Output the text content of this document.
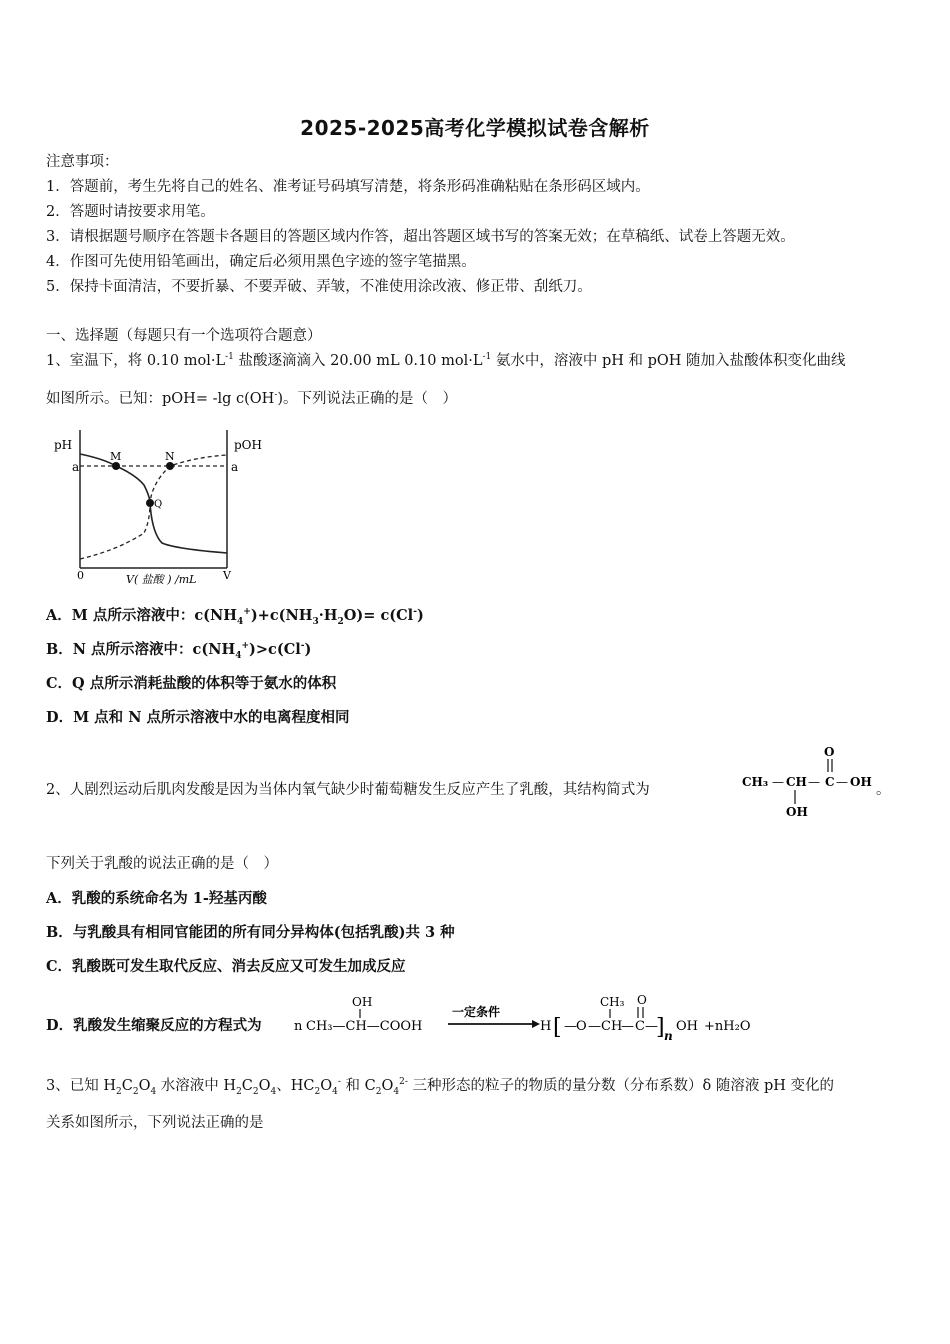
2025-2025高考化学模拟试卷含解析
注意事项：
1．答题前，考生先将自己的姓名、准考证号码填写清楚，将条形码准确粘贴在条形码区域内。
2．答题时请按要求用笔。
3．请根据题号顺序在答题卡各题目的答题区域内作答，超出答题区域书写的答案无效；在草稿纸、试卷上答题无效。
4．作图可先使用铅笔画出，确定后必须用黑色字迹的签字笔描黑。
5．保持卡面清洁，不要折暴、不要弄破、弄皱，不准使用涂改液、修正带、刮纸刀。
一、选择题（每题只有一个选项符合题意）
1、室温下，将 0.10 $mol\cdot L^{-1}$ 盐酸逐滴滴入 20.00 mL 0.10 $mol\cdot L^{-1}$ 氨水中，溶液中 pH 和 pOH 随加入盐酸体积变化曲线
如图所示。已知：pOH= -lg c(OH-)。下列说法正确的是（　）
pH	pOH
a	a
M	N
Q
0	V( 盐酸 ) /mL V
A．M 点所示溶液中：$c(NH_4^+)+c(NH_3\cdot H_2O)= c(Cl^-)$
B．N 点所示溶液中：$c(NH_4^+)>c(Cl^-)$
C．Q 点所示消耗盐酸的体积等于氨水的体积
D．M 点和 N 点所示溶液中水的电离程度相同
2、人剧烈运动后肌肉发酸是因为当体内氧气缺少时葡萄糖发生反应产生了乳酸，其结构简式为
O
CH₃ — CH — C — OH
OH
。
下列关于乳酸的说法正确的是（　）
A．乳酸的系统命名为 1-羟基丙酸
B．与乳酸具有相同官能团的所有同分异构体(包括乳酸)共 3 种
C．乳酸既可发生取代反应、消去反应又可发生加成反应
D．乳酸发生缩聚反应的方程式为 n
OH
CH₃—CH—COOH
一定条件
H [ — O — CH
— C —
] n
OH +nH₂O
CH₃ O
3、已知 $H_2C_2O_4$ 水溶液中 $H_2C_2O_4$、$HC_2O_4^-$ 和 $C_2O_4^{2-}$ 三种形态的粒子的物质的量分数（分布系数）δ 随溶液 pH 变化的
关系如图所示，下列说法正确的是
